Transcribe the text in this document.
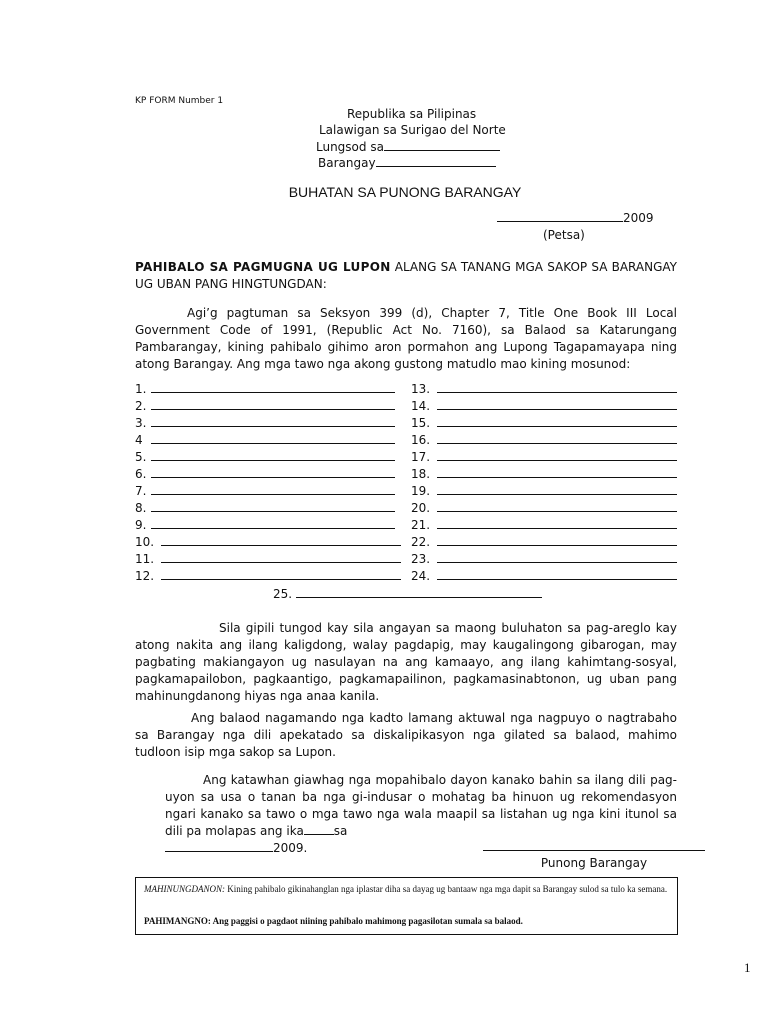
KP FORM Number 1
Republika sa Pilipinas
Lalawigan sa Surigao del Norte
Lungsod sa
Barangay
BUHATAN SA PUNONG BARANGAY
2009
(Petsa)
PAHIBALO SA PAGMUGNA UG LUPON ALANG SA TANANG MGA SAKOP SA BARANGAY UG UBAN PANG HINGTUNGDAN:
Agi’g pagtuman sa Seksyon 399 (d), Chapter 7, Title One Book III Local Government Code of 1991, (Republic Act No. 7160), sa Balaod sa Katarungang Pambarangay, kining pahibalo gihimo aron pormahon ang Lupong Tagapamayapa ning atong Barangay. Ang mga tawo nga akong gustong matudlo mao kining mosunod:
1.
2.
3.
4
5.
6.
7.
8.
9.
10.
11.
12.
13.
14.
15.
16.
17.
18.
19.
20.
21.
22.
23.
24.
25.
Sila gipili tungod kay sila angayan sa maong buluhaton sa pag-areglo kay atong nakita ang ilang kaligdong, walay pagdapig, may kaugalingong gibarogan, may pagbating makiangayon ug nasulayan na ang kamaayo, ang ilang kahimtang-sosyal, pagkamapailobon, pagkaantigo, pagkamapailinon, pagkamasinabtonon, ug uban pang mahinungdanong hiyas nga anaa kanila.
Ang balaod nagamando nga kadto lamang aktuwal nga nagpuyo o nagtrabaho sa Barangay nga dili apekatado sa diskalipikasyon nga gilated sa balaod, mahimo tudloon isip mga sakop sa Lupon.
Ang katawhan giawhag nga mopahibalo dayon kanako bahin sa ilang dili pag-uyon sa usa o tanan ba nga gi-indusar o mohatag ba hinuon ug rekomendasyon ngari kanako sa tawo o mga tawo nga wala maapil sa listahan ug nga kini itunol sa dili pa molapas ang ika	sa
2009.
Punong Barangay
MAHINUNGDANON: Kining pahibalo gikinahanglan nga iplastar diha sa dayag ug bantaaw nga mga dapit sa Barangay sulod sa tulo ka semana.
PAHIMANGNO: Ang paggisi o pagdaot niining pahibalo mahimong pagasilotan sumala sa balaod.
1
